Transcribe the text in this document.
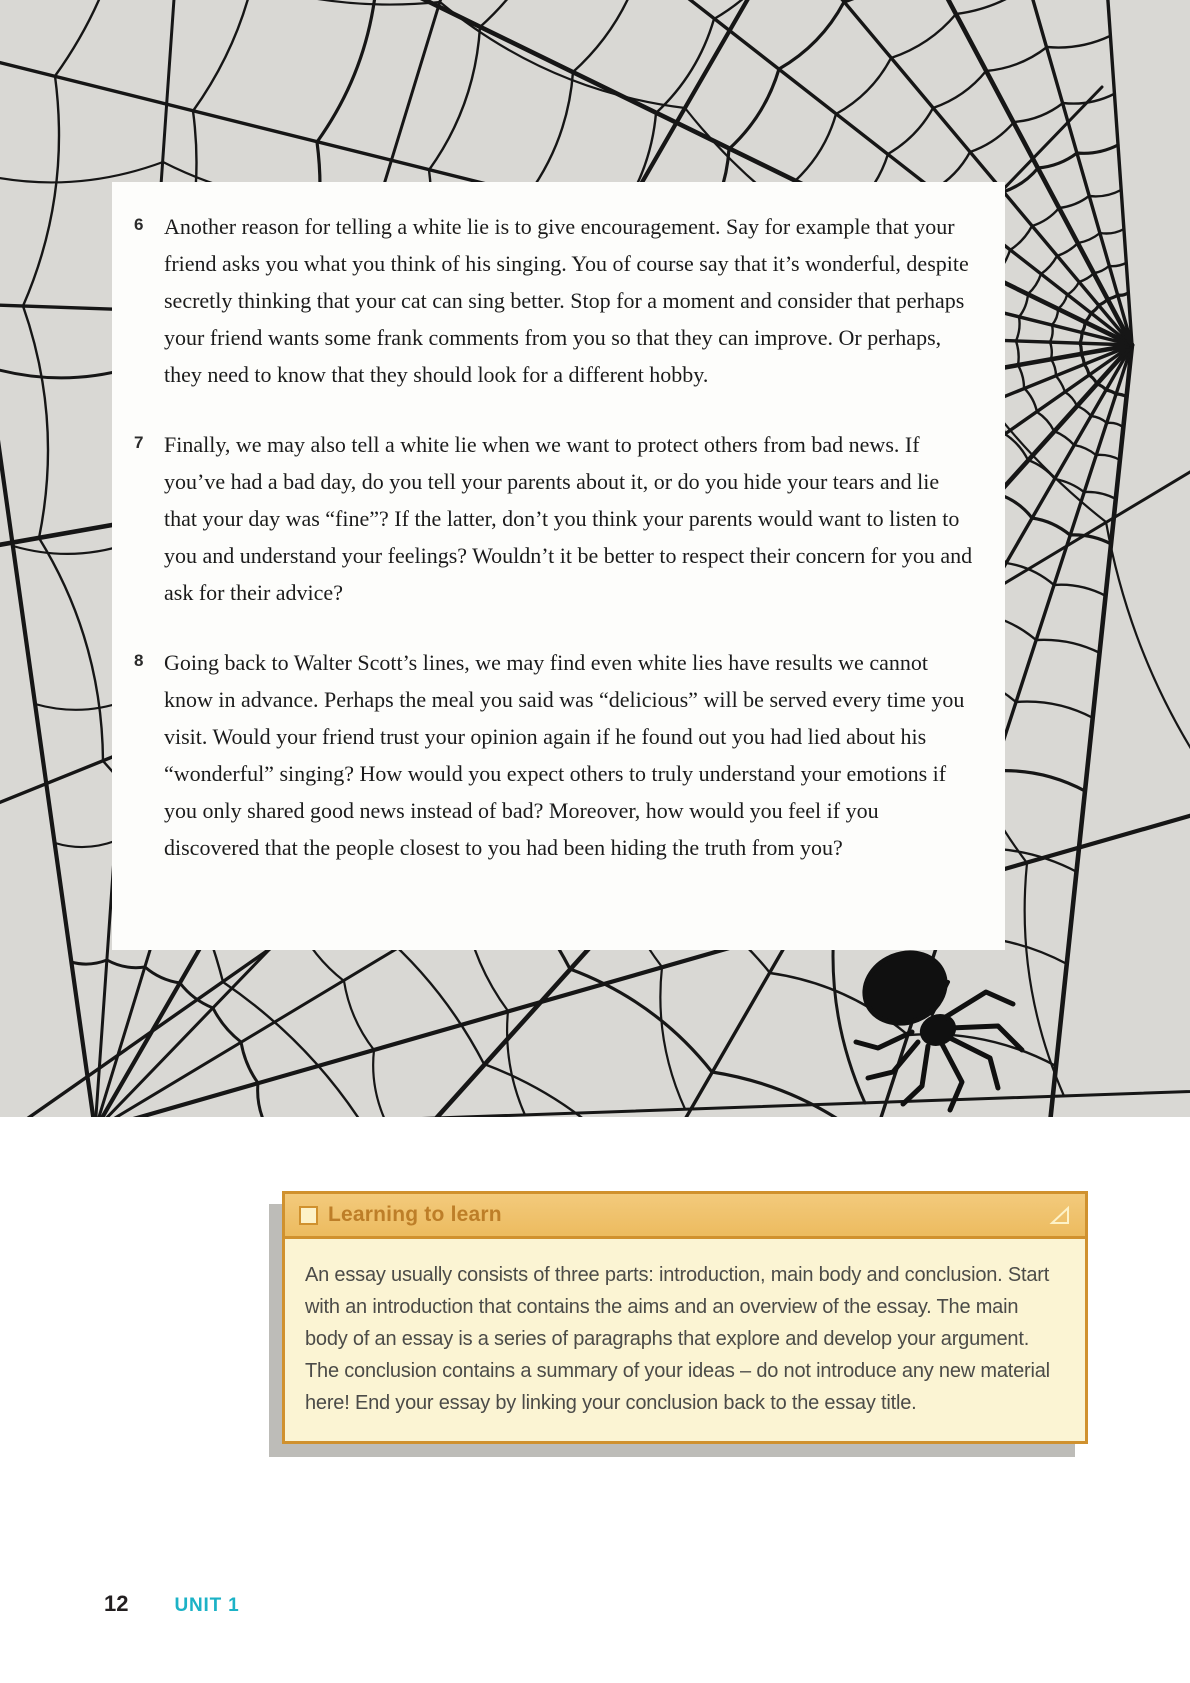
6 Another reason for telling a white lie is to give encouragement. Say for example that your friend asks you what you think of his singing. You of course say that it’s wonderful, despite secretly thinking that your cat can sing better. Stop for a moment and consider that perhaps your friend wants some frank comments from you so that they can improve. Or perhaps, they need to know that they should look for a different hobby.

7 Finally, we may also tell a white lie when we want to protect others from bad news. If you’ve had a bad day, do you tell your parents about it, or do you hide your tears and lie that your day was “fine”? If the latter, don’t you think your parents would want to listen to you and understand your feelings? Wouldn’t it be better to respect their concern for you and ask for their advice?

8 Going back to Walter Scott’s lines, we may find even white lies have results we cannot know in advance. Perhaps the meal you said was “delicious” will be served every time you visit. Would your friend trust your opinion again if he found out you had lied about his “wonderful” singing? How would you expect others to truly understand your emotions if you only shared good news instead of bad? Moreover, how would you feel if you discovered that the people closest to you had been hiding the truth from you?

Learning to learn
An essay usually consists of three parts: introduction, main body and conclusion. Start with an introduction that contains the aims and an overview of the essay. The main body of an essay is a series of paragraphs that explore and develop your argument. The conclusion contains a summary of your ideas – do not introduce any new material here! End your essay by linking your conclusion back to the essay title.
12 UNIT 1
